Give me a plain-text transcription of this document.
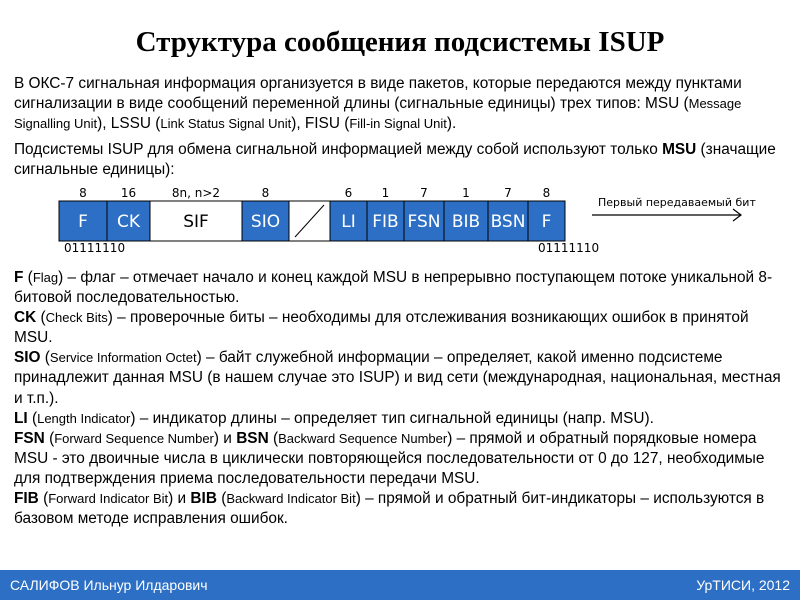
Структура сообщения подсистемы ISUP
В ОКС-7 сигнальная информация организуется в виде пакетов, которые передаются между пунктами сигнализации в виде сообщений переменной длины (сигнальные единицы) трех типов: MSU (Message Signalling Unit), LSSU (Link Status Signal Unit), FISU (Fill-in Signal Unit).
Подсистемы ISUP для обмена сигнальной информацией между собой используют только MSU (значащие сигнальные единицы):
F
8
CK
16
SIF
8n, n>2
SIO
8
LI
6
FIB
1
FSN
7
BIB
1
BSN
7
F
8
Первый передаваемый бит
01111110	01111110
F (Flag) – флаг – отмечает начало и конец каждой MSU в непрерывно поступающем потоке уникальной 8-битовой последовательностью.
CK (Check Bits) – проверочные биты – необходимы для отслеживания возникающих ошибок в принятой MSU.
SIO (Service Information Octet) – байт служебной информации – определяет, какой именно подсистеме принадлежит данная MSU (в нашем случае это ISUP) и вид сети (международная, национальная, местная и т.п.).
LI (Length Indicator) – индикатор длины – определяет тип сигнальной единицы (напр. MSU).
FSN (Forward Sequence Number) и BSN (Backward Sequence Number) – прямой и обратный порядковые номера MSU - это двоичные числа в циклически повторяющейся последовательности от 0 до 127, необходимые для подтверждения приема последовательности передачи MSU.
FIB (Forward Indicator Bit) и BIB (Backward Indicator Bit) – прямой и обратный бит-индикаторы – используются в базовом методе исправления ошибок.
САЛИФОВ Ильнур Илдарович	УрТИСИ, 2012
